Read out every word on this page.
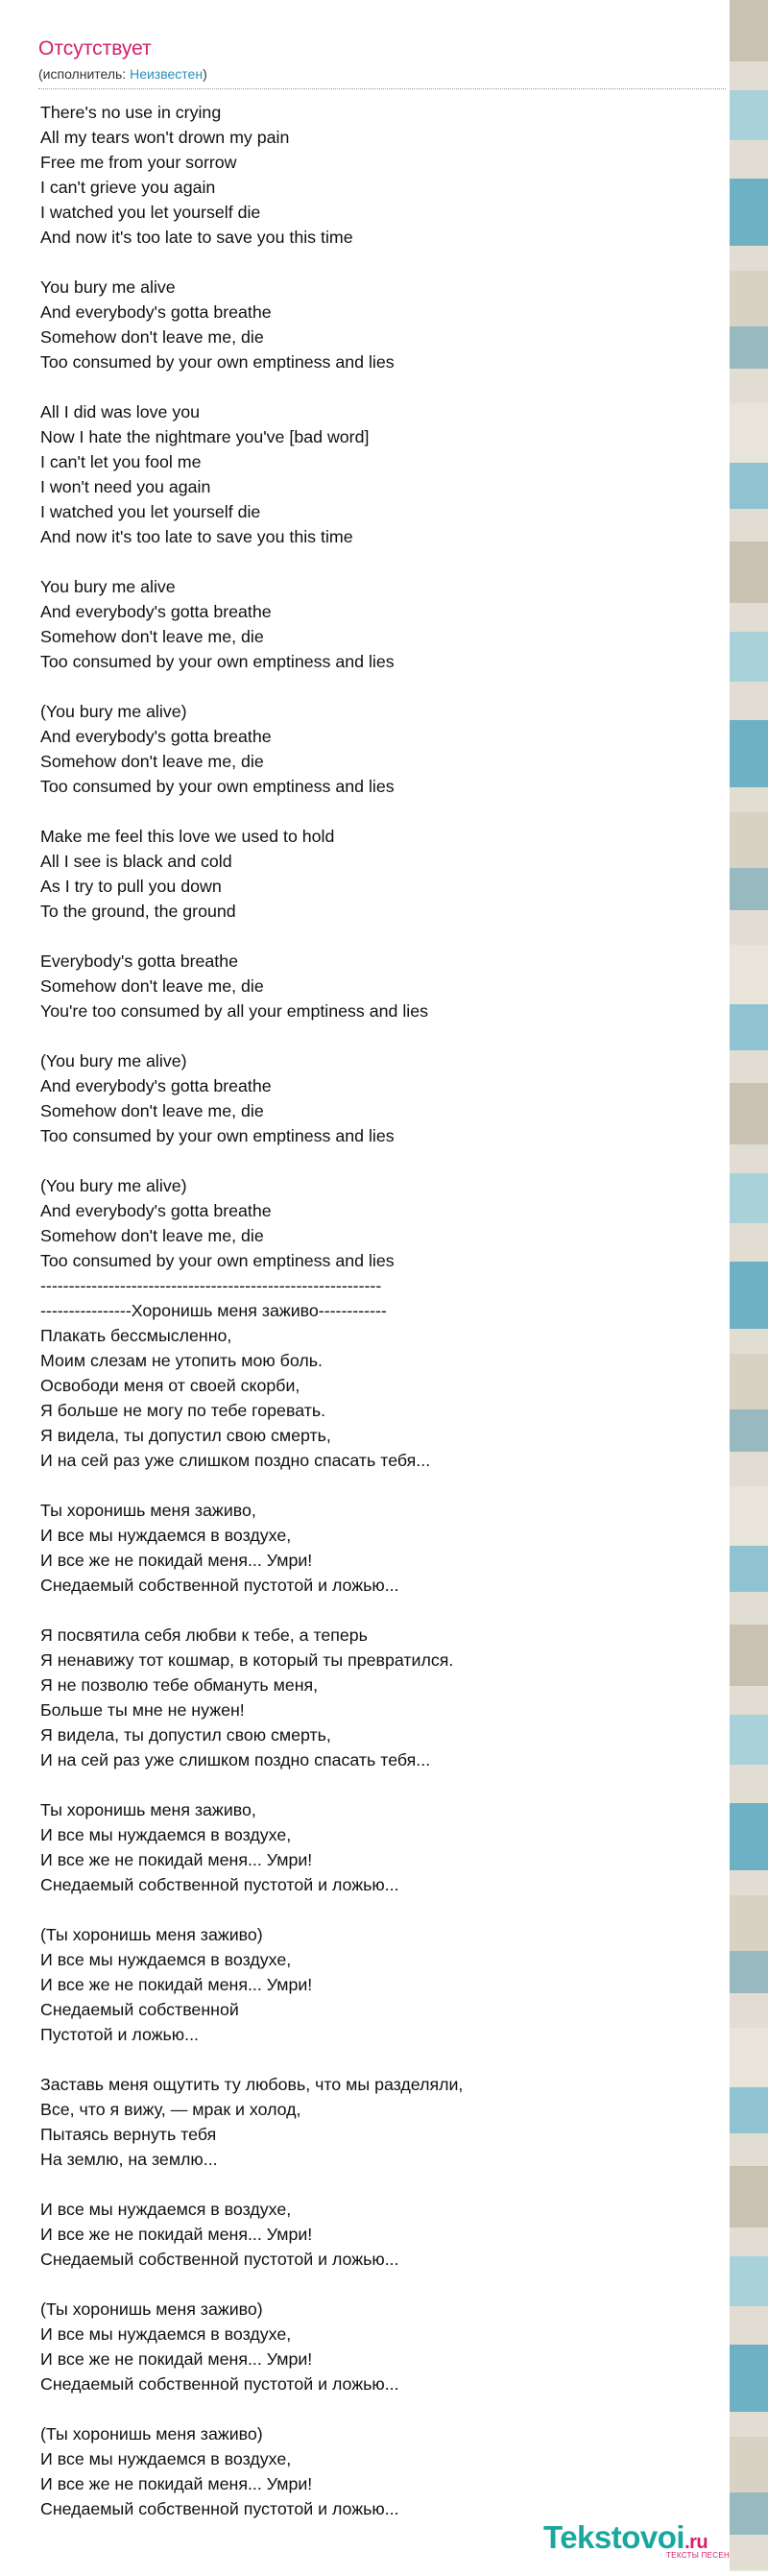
Отсутствует
(исполнитель: Неизвестен)
There's no use in crying
All my tears won't drown my pain
Free me from your sorrow
I can't grieve you again
I watched you let yourself die
And now it's too late to save you this time
You bury me alive
And everybody's gotta breathe
Somehow don't leave me, die
Too consumed by your own emptiness and lies
All I did was love you
Now I hate the nightmare you've [bad word]
I can't let you fool me
I won't need you again
I watched you let yourself die
And now it's too late to save you this time
You bury me alive
And everybody's gotta breathe
Somehow don't leave me, die
Too consumed by your own emptiness and lies
(You bury me alive)
And everybody's gotta breathe
Somehow don't leave me, die
Too consumed by your own emptiness and lies
Make me feel this love we used to hold
All I see is black and cold
As I try to pull you down
To the ground, the ground
Everybody's gotta breathe
Somehow don't leave me, die
You're too consumed by all your emptiness and lies
(You bury me alive)
And everybody's gotta breathe
Somehow don't leave me, die
Too consumed by your own emptiness and lies
(You bury me alive)
And everybody's gotta breathe
Somehow don't leave me, die
Too consumed by your own emptiness and lies
------------------------------------------------------------
----------------Хоронишь меня заживо------------
Плакать бессмысленно,
Моим слезам не утопить мою боль.
Освободи меня от своей скорби,
Я больше не могу по тебе горевать.
Я видела, ты допустил свою смерть,
И на сей раз уже слишком поздно спасать тебя...
Ты хоронишь меня заживо,
И все мы нуждаемся в воздухе,
И все же не покидай меня... Умри!
Снедаемый собственной пустотой и ложью...
Я посвятила себя любви к тебе, а теперь
Я ненавижу тот кошмар, в который ты превратился.
Я не позволю тебе обмануть меня,
Больше ты мне не нужен!
Я видела, ты допустил свою смерть,
И на сей раз уже слишком поздно спасать тебя...
Ты хоронишь меня заживо,
И все мы нуждаемся в воздухе,
И все же не покидай меня... Умри!
Снедаемый собственной пустотой и ложью...
(Ты хоронишь меня заживо)
И все мы нуждаемся в воздухе,
И все же не покидай меня... Умри!
Снедаемый собственной
Пустотой и ложью...
Заставь меня ощутить ту любовь, что мы разделяли,
Все, что я вижу, — мрак и холод,
Пытаясь вернуть тебя
На землю, на землю...
И все мы нуждаемся в воздухе,
И все же не покидай меня... Умри!
Снедаемый собственной пустотой и ложью...
(Ты хоронишь меня заживо)
И все мы нуждаемся в воздухе,
И все же не покидай меня... Умри!
Снедаемый собственной пустотой и ложью...
(Ты хоронишь меня заживо)
И все мы нуждаемся в воздухе,
И все же не покидай меня... Умри!
Снедаемый собственной пустотой и ложью...
Tekstovoi.ru
ТЕКСТЫ ПЕСЕН
